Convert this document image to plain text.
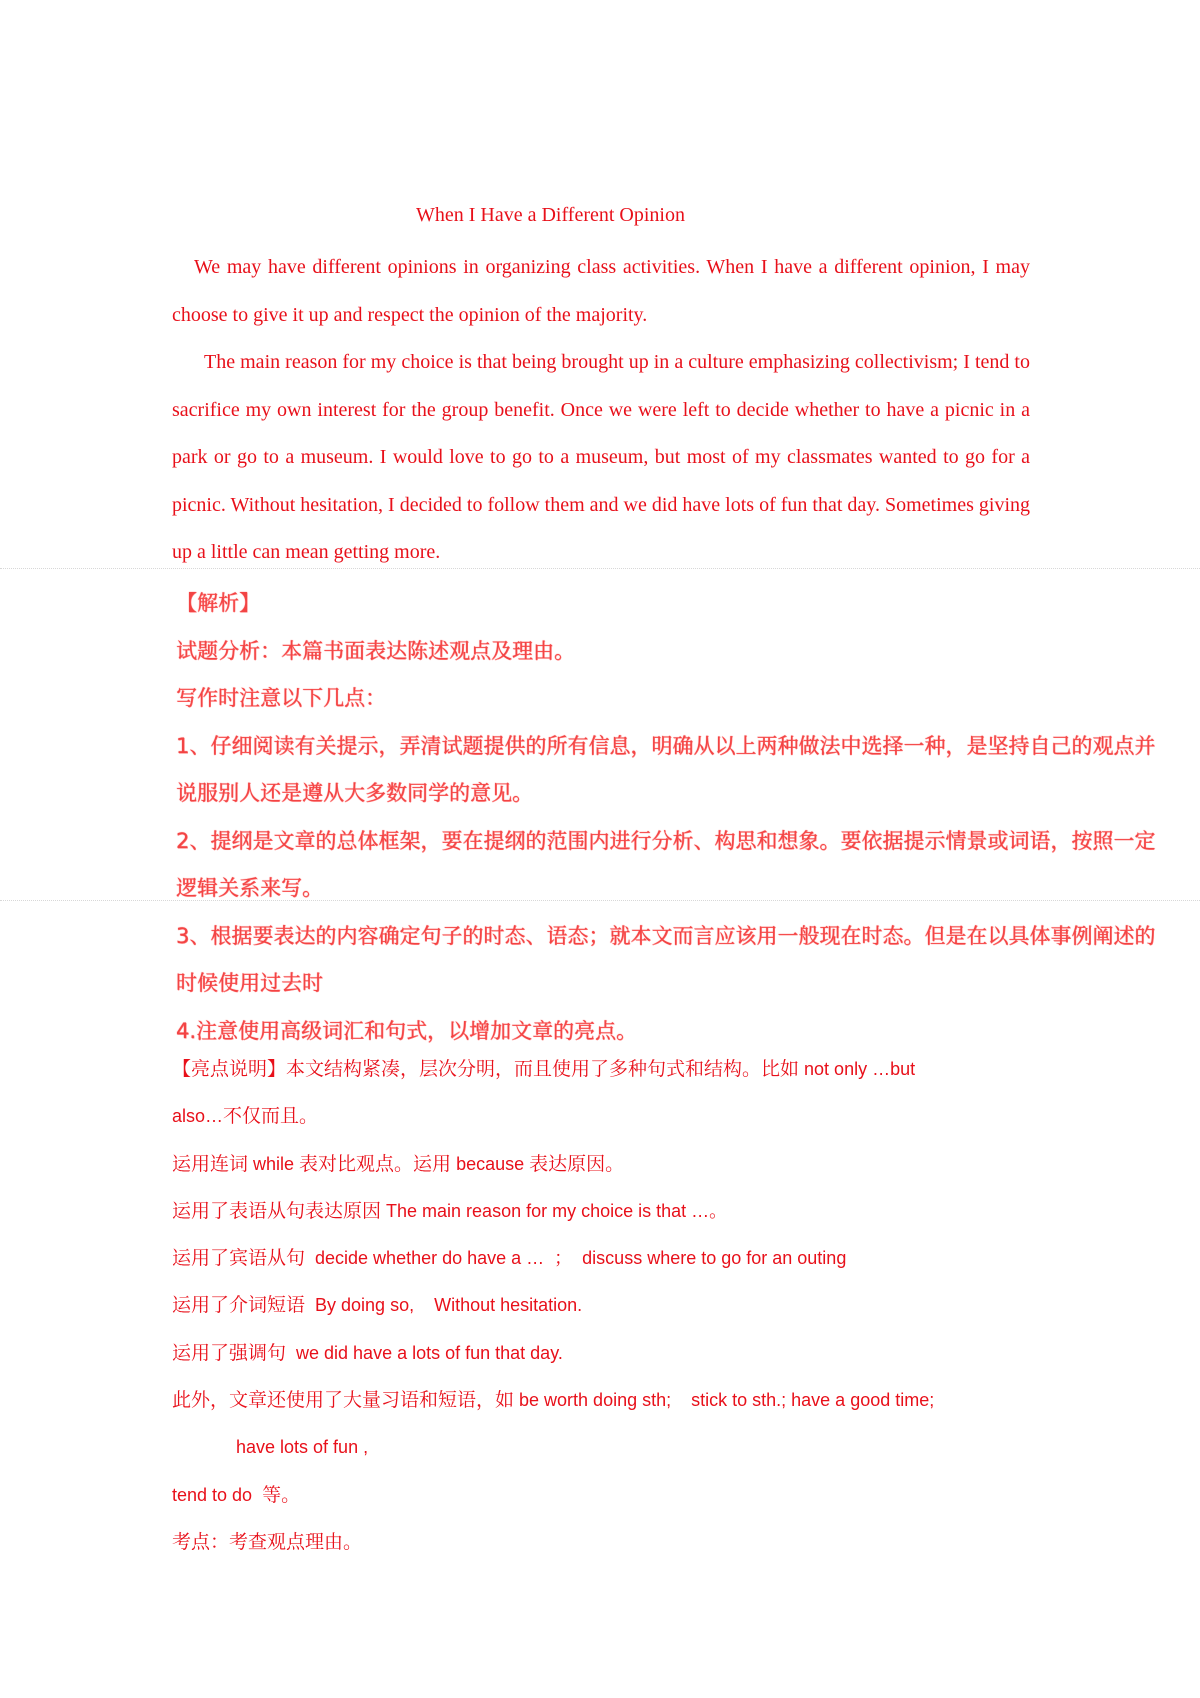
When I Have a Different Opinion

We may have different opinions in organizing class activities. When I have a different opinion, I may choose to give it up and respect the opinion of the majority.

The main reason for my choice is that being brought up in a culture emphasizing collectivism; I tend to sacrifice my own interest for the group benefit. Once we were left to decide whether to have a picnic in a park or go to a museum. I would love to go to a museum, but most of my classmates wanted to go for a picnic. Without hesitation, I decided to follow them and we did have lots of fun that day. Sometimes giving up a little can mean getting more.

【解析】
试题分析：本篇书面表达陈述观点及理由。
写作时注意以下几点：
1、仔细阅读有关提示，弄清试题提供的所有信息，明确从以上两种做法中选择一种，是坚持自己的观点并
说服别人还是遵从大多数同学的意见。
2、提纲是文章的总体框架，要在提纲的范围内进行分析、构思和想象。要依据提示情景或词语，按照一定
逻辑关系来写。
3、根据要表达的内容确定句子的时态、语态；就本文而言应该用一般现在时态。但是在以具体事例阐述的
时候使用过去时
4.注意使用高级词汇和句式，以增加文章的亮点。
【亮点说明】本文结构紧凑，层次分明，而且使用了多种句式和结构。比如 not only …but
also…不仅而且。
运用连词 while 表对比观点。运用 because 表达原因。
运用了表语从句表达原因 The main reason for my choice is that …。
运用了宾语从句  decide whether do have a …  ；  discuss where to go for an outing
运用了介词短语  By doing so,    Without hesitation.
运用了强调句  we did have a lots of fun that day.
此外，文章还使用了大量习语和短语，如 be worth doing sth;    stick to sth.; have a good time;
have lots of fun ,
tend to do  等。
考点：考查观点理由。
